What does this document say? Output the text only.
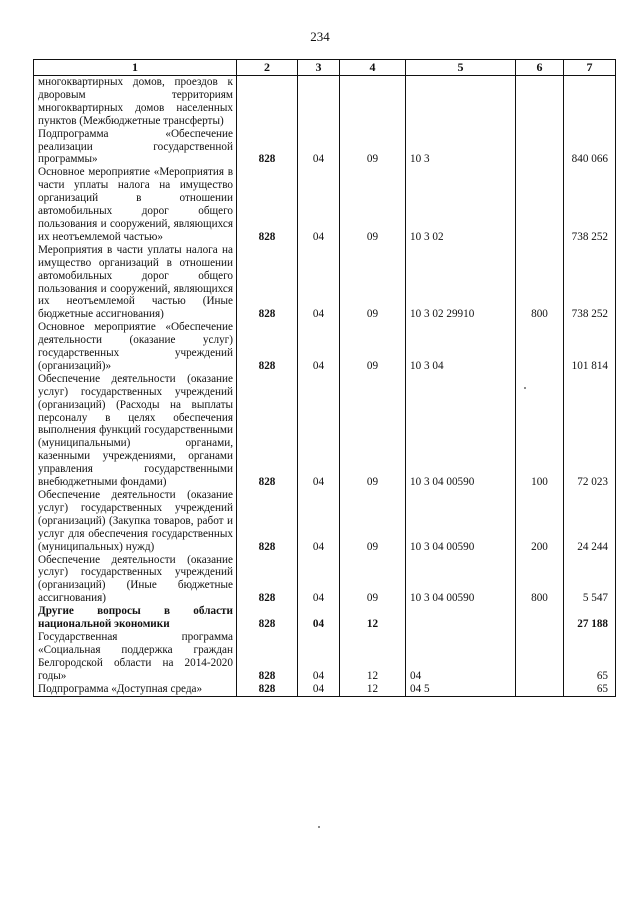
234
1	2	3	4	5	6	7
многоквартирных домов, проездов к дворовым территориям многоквартирных домов населенных пунктов (Межбюджетные трансферты)						
Подпрограмма «Обеспечение реализации государственной программы»	828	04	09	10 3		840 066
Основное мероприятие «Мероприятия в части уплаты налога на имущество организаций в отношении автомобильных дорог общего пользования и сооружений, являющихся их неотъемлемой частью»	828	04	09	10 3 02		738 252
Мероприятия в части уплаты налога на имущество организаций в отношении автомобильных дорог общего пользования и сооружений, являющихся их неотъемлемой частью (Иные бюджетные ассигнования)	828	04	09	10 3 02 29910	800	738 252
Основное мероприятие «Обеспечение деятельности (оказание услуг) государственных учреждений (организаций)»	828	04	09	10 3 04		101 814
Обеспечение деятельности (оказание услуг) государственных учреждений (организаций) (Расходы на выплаты персоналу в целях обеспечения выполнения функций государственными (муниципальными) органами, казенными учреждениями, органами управления государственными внебюджетными фондами)	828	04	09	10 3 04 00590	100	72 023
Обеспечение деятельности (оказание услуг) государственных учреждений (организаций) (Закупка товаров, работ и услуг для обеспечения государственных (муниципальных) нужд)	828	04	09	10 3 04 00590	200	24 244
Обеспечение деятельности (оказание услуг) государственных учреждений (организаций) (Иные бюджетные ассигнования)	828	04	09	10 3 04 00590	800	5 547
Другие вопросы в области национальной экономики	828	04	12			27 188
Государственная программа «Социальная поддержка граждан Белгородской области на 2014-2020 годы»	828	04	12	04		65
Подпрограмма «Доступная среда»	828	04	12	04 5		65
